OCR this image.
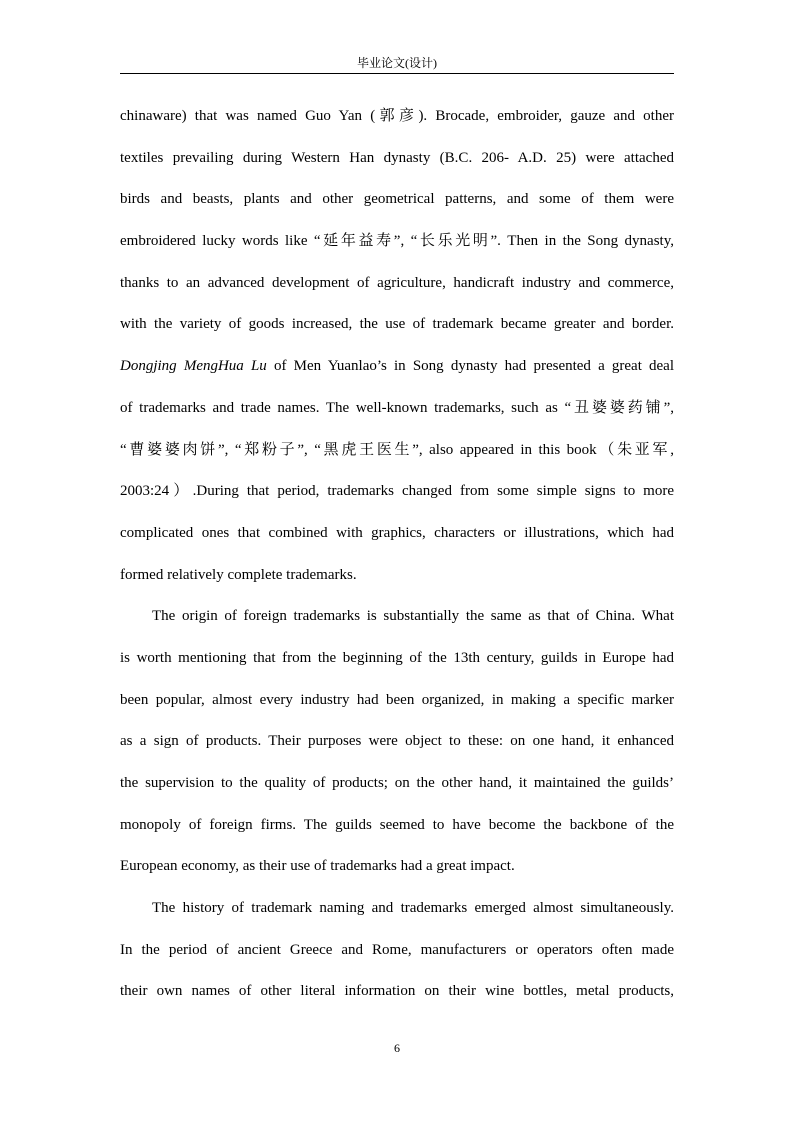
毕业论文(设计)

chinaware) that was named Guo Yan (郭彦). Brocade, embroider, gauze and other
textiles prevailing during Western Han dynasty (B.C. 206- A.D. 25) were attached
birds and beasts, plants and other geometrical patterns, and some of them were
embroidered lucky words like “延年益寿”, “长乐光明”. Then in the Song dynasty,
thanks to an advanced development of agriculture, handicraft industry and commerce,
with the variety of goods increased, the use of trademark became greater and border.
Dongjing MengHua Lu of Men Yuanlao’s in Song dynasty had presented a great deal
of trademarks and trade names. The well-known trademarks, such as “丑婆婆药铺”,
“曹婆婆肉饼”, “郑粉子”, “黑虎王医生”, also appeared in this book（朱亚军,
2003:24）.During that period, trademarks changed from some simple signs to more
complicated ones that combined with graphics, characters or illustrations, which had
formed relatively complete trademarks.

The origin of foreign trademarks is substantially the same as that of China. What
is worth mentioning that from the beginning of the 13th century, guilds in Europe had
been popular, almost every industry had been organized, in making a specific marker
as a sign of products. Their purposes were object to these: on one hand, it enhanced
the supervision to the quality of products; on the other hand, it maintained the guilds’
monopoly of foreign firms. The guilds seemed to have become the backbone of the
European economy, as their use of trademarks had a great impact.

The history of trademark naming and trademarks emerged almost simultaneously.
In the period of ancient Greece and Rome, manufacturers or operators often made
their own names of other literal information on their wine bottles, metal products,

6
